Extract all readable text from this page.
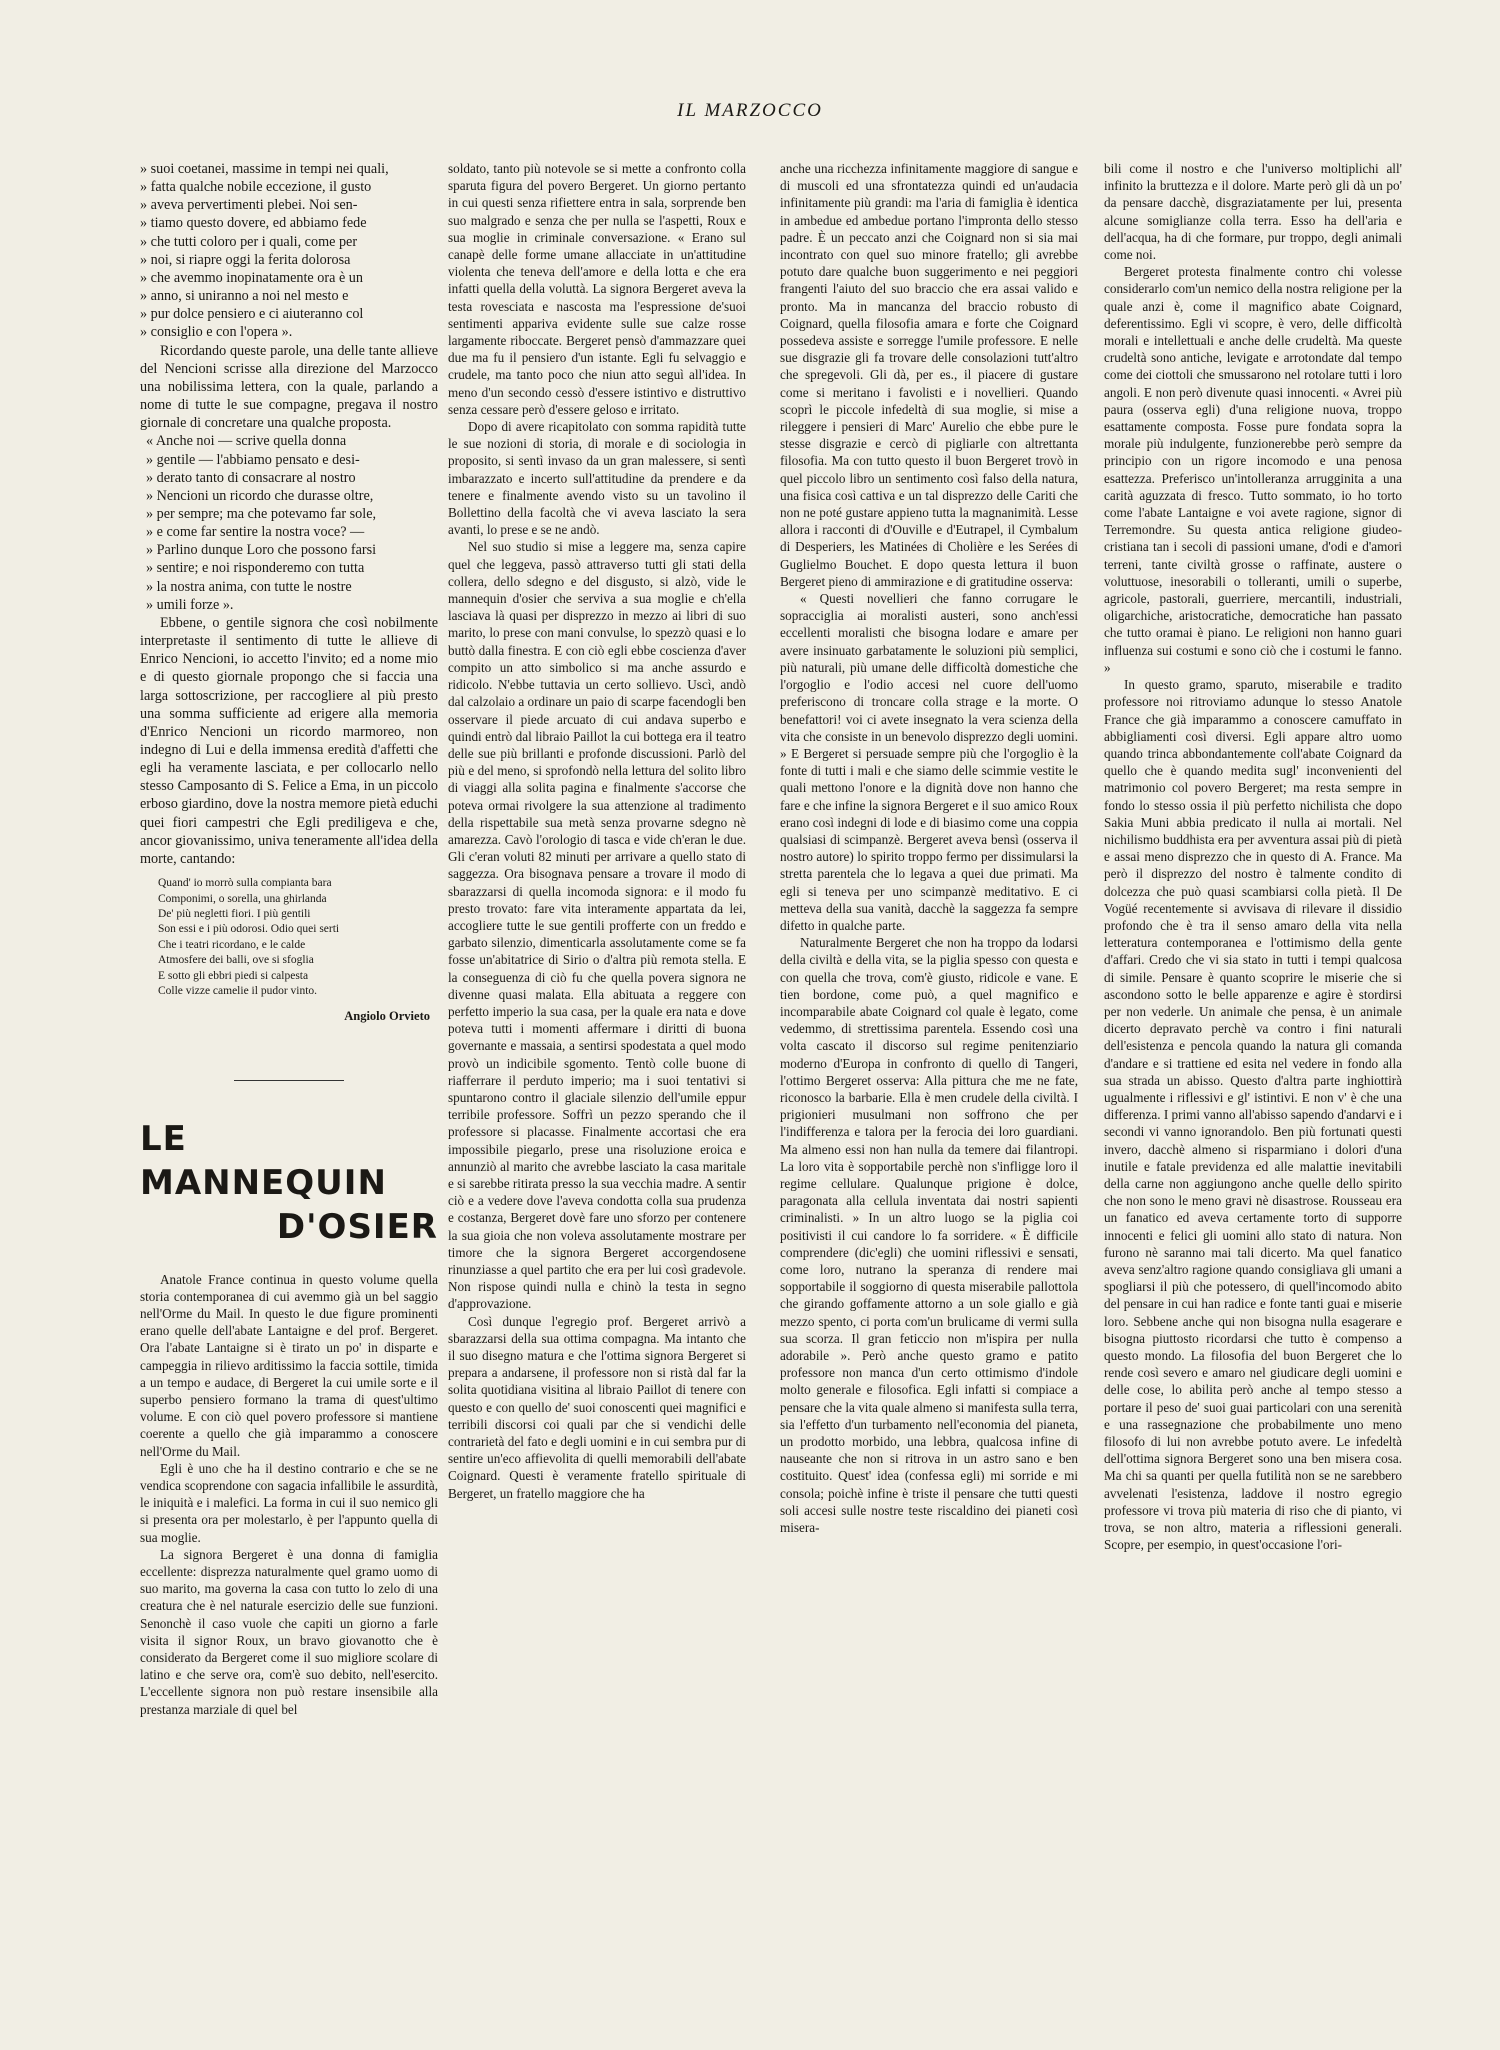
IL MARZOCCO
» suoi coetanei, massime in tempi nei quali,
» fatta qualche nobile eccezione, il gusto
» aveva pervertimenti plebei. Noi sen-
» tiamo questo dovere, ed abbiamo fede
» che tutti coloro per i quali, come per
» noi, si riapre oggi la ferita dolorosa
» che avemmo inopinatamente ora è un
» anno, si uniranno a noi nel mesto e
» pur dolce pensiero e ci aiuteranno col
» consiglio e con l'opera ».

Ricordando queste parole, una delle tante allieve del Nencioni scrisse alla direzione del Marzocco una nobilissima lettera, con la quale, parlando a nome di tutte le sue compagne, pregava il nostro giornale di concretare una qualche proposta.

« Anche noi — scrive quella donna
» gentile — l'abbiamo pensato e desi-
» derato tanto di consacrare al nostro
» Nencioni un ricordo che durasse oltre,
» per sempre; ma che potevamo far sole,
» e come far sentire la nostra voce? —
» Parlino dunque Loro che possono farsi
» sentire; e noi risponderemo con tutta
» la nostra anima, con tutte le nostre
» umili forze ».

Ebbene, o gentile signora che così nobilmente interpretaste il sentimento di tutte le allieve di Enrico Nencioni, io accetto l'invito; ed a nome mio e di questo giornale propongo che si faccia una larga sottoscrizione, per raccogliere al più presto una somma sufficiente ad erigere alla memoria d'Enrico Nencioni un ricordo marmoreo, non indegno di Lui e della immensa eredità d'affetti che egli ha veramente lasciata, e per collocarlo nello stesso Camposanto di S. Felice a Ema, in un piccolo erboso giardino, dove la nostra memore pietà educhi quei fiori campestri che Egli prediligeva e che, ancor giovanissimo, univa teneramente all'idea della morte, cantando:

Quand' io morrò sulla compianta bara
Componimi, o sorella, una ghirlanda
De' più negletti fiori. I più gentili
Son essi e i più odorosi. Odio quei serti
Che i teatri ricordano, e le calde
Atmosfere dei balli, ove si sfoglia
E sotto gli ebbri piedi si calpesta
Colle vizze camelie il pudor vinto.
Angiolo Orvieto
LE MANNEQUIN
D'OSIER

Anatole France continua in questo volume quella storia contemporanea di cui avemmo già un bel saggio nell'Orme du Mail. In questo le due figure prominenti erano quelle dell'abate Lantaigne e del prof. Bergeret. Ora l'abate Lantaigne si è tirato un po' in disparte e campeggia in rilievo arditissimo la faccia sottile, timida a un tempo e audace, di Bergeret la cui umile sorte e il superbo pensiero formano la trama di quest'ultimo volume. E con ciò quel povero professore si mantiene coerente a quello che già imparammo a conoscere nell'Orme du Mail.

Egli è uno che ha il destino contrario e che se ne vendica scoprendone con sagacia infallibile le assurdità, le iniquità e i malefici. La forma in cui il suo nemico gli si presenta ora per molestarlo, è per l'appunto quella di sua moglie.

La signora Bergeret è una donna di famiglia eccellente: disprezza naturalmente quel gramo uomo di suo marito, ma governa la casa con tutto lo zelo di una creatura che è nel naturale esercizio delle sue funzioni. Senonchè il caso vuole che capiti un giorno a farle visita il signor Roux, un bravo giovanotto che è considerato da Bergeret come il suo migliore scolare di latino e che serve ora, com'è suo debito, nell'esercito. L'eccellente signora non può restare insensibile alla prestanza marziale di quel bel

soldato, tanto più notevole se si mette a confronto colla sparuta figura del povero Bergeret. Un giorno pertanto in cui questi senza rifiettere entra in sala, sorprende ben suo malgrado e senza che per nulla se l'aspetti, Roux e sua moglie in criminale conversazione. « Erano sul canapè delle forme umane allacciate in un'attitudine violenta che teneva dell'amore e della lotta e che era infatti quella della voluttà. La signora Bergeret aveva la testa rovesciata e nascosta ma l'espressione de'suoi sentimenti appariva evidente sulle sue calze rosse largamente riboccate. Bergeret pensò d'ammazzare quei due ma fu il pensiero d'un istante. Egli fu selvaggio e crudele, ma tanto poco che niun atto seguì all'idea. In meno d'un secondo cessò d'essere istintivo e distruttivo senza cessare però d'essere geloso e irritato.

Dopo di avere ricapitolato con somma rapidità tutte le sue nozioni di storia, di morale e di sociologia in proposito, si sentì invaso da un gran malessere, si sentì imbarazzato e incerto sull'attitudine da prendere e da tenere e finalmente avendo visto su un tavolino il Bollettino della facoltà che vi aveva lasciato la sera avanti, lo prese e se ne andò.

Nel suo studio si mise a leggere ma, senza capire quel che leggeva, passò attraverso tutti gli stati della collera, dello sdegno e del disgusto, si alzò, vide le mannequin d'osier che serviva a sua moglie e ch'ella lasciava là quasi per disprezzo in mezzo ai libri di suo marito, lo prese con mani convulse, lo spezzò quasi e lo buttò dalla finestra. E con ciò egli ebbe coscienza d'aver compito un atto simbolico si ma anche assurdo e ridicolo. N'ebbe tuttavia un certo sollievo. Uscì, andò dal calzolaio a ordinare un paio di scarpe facendogli ben osservare il piede arcuato di cui andava superbo e quindi entrò dal libraio Paillot la cui bottega era il teatro delle sue più brillanti e profonde discussioni. Parlò del più e del meno, si sprofondò nella lettura del solito libro di viaggi alla solita pagina e finalmente s'accorse che poteva ormai rivolgere la sua attenzione al tradimento della rispettabile sua metà senza provarne sdegno nè amarezza. Cavò l'orologio di tasca e vide ch'eran le due. Gli c'eran voluti 82 minuti per arrivare a quello stato di saggezza. Ora bisognava pensare a trovare il modo di sbarazzarsi di quella incomoda signora: e il modo fu presto trovato: fare vita interamente appartata da lei, accogliere tutte le sue gentili profferte con un freddo e garbato silenzio, dimenticarla assolutamente come se fa fosse un'abitatrice di Sirio o d'altra più remota stella. E la conseguenza di ciò fu che quella povera signora ne divenne quasi malata. Ella abituata a reggere con perfetto imperio la sua casa, per la quale era nata e dove poteva tutti i momenti affermare i diritti di buona governante e massaia, a sentirsi spodestata a quel modo provò un indicibile sgomento. Tentò colle buone di riafferrare il perduto imperio; ma i suoi tentativi si spuntarono contro il glaciale silenzio dell'umile eppur terribile professore. Soffrì un pezzo sperando che il professore si placasse. Finalmente accortasi che era impossibile piegarlo, prese una risoluzione eroica e annunziò al marito che avrebbe lasciato la casa maritale e si sarebbe ritirata presso la sua vecchia madre. A sentir ciò e a vedere dove l'aveva condotta colla sua prudenza e costanza, Bergeret dovè fare uno sforzo per contenere la sua gioia che non voleva assolutamente mostrare per timore che la signora Bergeret accorgendosene rinunziasse a quel partito che era per lui così gradevole. Non rispose quindi nulla e chinò la testa in segno d'approvazione.

Così dunque l'egregio prof. Bergeret arrivò a sbarazzarsi della sua ottima compagna. Ma intanto che il suo disegno matura e che l'ottima signora Bergeret si prepara a andarsene, il professore non si ristà dal far la solita quotidiana visitina al libraio Paillot di tenere con questo e con quello de' suoi conoscenti quei magnifici e terribili discorsi coi quali par che si vendichi delle contrarietà del fato e degli uomini e in cui sembra pur di sentire un'eco affievolita di quelli memorabili dell'abate Coignard. Questi è veramente fratello spirituale di Bergeret, un fratello maggiore che ha

anche una ricchezza infinitamente maggiore di sangue e di muscoli ed una sfrontatezza quindi ed un'audacia infinitamente più grandi: ma l'aria di famiglia è identica in ambedue ed ambedue portano l'impronta dello stesso padre. È un peccato anzi che Coignard non si sia mai incontrato con quel suo minore fratello; gli avrebbe potuto dare qualche buon suggerimento e nei peggiori frangenti l'aiuto del suo braccio che era assai valido e pronto. Ma in mancanza del braccio robusto di Coignard, quella filosofia amara e forte che Coignard possedeva assiste e sorregge l'umile professore. E nelle sue disgrazie gli fa trovare delle consolazioni tutt'altro che spregevoli. Gli dà, per es., il piacere di gustare come si meritano i favolisti e i novellieri. Quando scoprì le piccole infedeltà di sua moglie, si mise a rileggere i pensieri di Marc' Aurelio che ebbe pure le stesse disgrazie e cercò di pigliarle con altrettanta filosofia. Ma con tutto questo il buon Bergeret trovò in quel piccolo libro un sentimento così falso della natura, una fisica così cattiva e un tal disprezzo delle Cariti che non ne poté gustare appieno tutta la magnanimità. Lesse allora i racconti di d'Ouville e d'Eutrapel, il Cymbalum di Desperiers, les Matinées di Cholière e les Serées di Guglielmo Bouchet. E dopo questa lettura il buon Bergeret pieno di ammirazione e di gratitudine osserva:

« Questi novellieri che fanno corrugare le sopracciglia ai moralisti austeri, sono anch'essi eccellenti moralisti che bisogna lodare e amare per avere insinuato garbatamente le soluzioni più semplici, più naturali, più umane delle difficoltà domestiche che l'orgoglio e l'odio accesi nel cuore dell'uomo preferiscono di troncare colla strage e la morte. O benefattori! voi ci avete insegnato la vera scienza della vita che consiste in un benevolo disprezzo degli uomini. » E Bergeret si persuade sempre più che l'orgoglio è la fonte di tutti i mali e che siamo delle scimmie vestite le quali mettono l'onore e la dignità dove non hanno che fare e che infine la signora Bergeret e il suo amico Roux erano così indegni di lode e di biasimo come una coppia qualsiasi di scimpanzè. Bergeret aveva bensì (osserva il nostro autore) lo spirito troppo fermo per dissimularsi la stretta parentela che lo legava a quei due primati. Ma egli si teneva per uno scimpanzè meditativo. E ci metteva della sua vanità, dacchè la saggezza fa sempre difetto in qualche parte.

Naturalmente Bergeret che non ha troppo da lodarsi della civiltà e della vita, se la piglia spesso con questa e con quella che trova, com'è giusto, ridicole e vane. E tien bordone, come può, a quel magnifico e incomparabile abate Coignard col quale è legato, come vedemmo, di strettissima parentela. Essendo così una volta cascato il discorso sul regime penitenziario moderno d'Europa in confronto di quello di Tangeri, l'ottimo Bergeret osserva: Alla pittura che me ne fate, riconosco la barbarie. Ella è men crudele della civiltà. I prigionieri musulmani non soffrono che per l'indifferenza e talora per la ferocia dei loro guardiani. Ma almeno essi non han nulla da temere dai filantropi. La loro vita è sopportabile perchè non s'infligge loro il regime cellulare. Qualunque prigione è dolce, paragonata alla cellula inventata dai nostri sapienti criminalisti. » In un altro luogo se la piglia coi positivisti il cui candore lo fa sorridere. « È difficile comprendere (dic'egli) che uomini riflessivi e sensati, come loro, nutrano la speranza di rendere mai sopportabile il soggiorno di questa miserabile pallottola che girando goffamente attorno a un sole giallo e già mezzo spento, ci porta com'un brulicame di vermi sulla sua scorza. Il gran feticcio non m'ispira per nulla adorabile ». Però anche questo gramo e patito professore non manca d'un certo ottimismo d'indole molto generale e filosofica. Egli infatti si compiace a pensare che la vita quale almeno si manifesta sulla terra, sia l'effetto d'un turbamento nell'economia del pianeta, un prodotto morbido, una lebbra, qualcosa infine di nauseante che non si ritrova in un astro sano e ben costituito. Quest' idea (confessa egli) mi sorride e mi consola; poichè infine è triste il pensare che tutti questi soli accesi sulle nostre teste riscaldino dei pianeti così misera-

bili come il nostro e che l'universo moltiplichi all' infinito la bruttezza e il dolore. Marte però gli dà un po' da pensare dacchè, disgraziatamente per lui, presenta alcune somiglianze colla terra. Esso ha dell'aria e dell'acqua, ha di che formare, pur troppo, degli animali come noi.

Bergeret protesta finalmente contro chi volesse considerarlo com'un nemico della nostra religione per la quale anzi è, come il magnifico abate Coignard, deferentissimo. Egli vi scopre, è vero, delle difficoltà morali e intellettuali e anche delle crudeltà. Ma queste crudeltà sono antiche, levigate e arrotondate dal tempo come dei ciottoli che smussarono nel rotolare tutti i loro angoli. E non però divenute quasi innocenti. « Avrei più paura (osserva egli) d'una religione nuova, troppo esattamente composta. Fosse pure fondata sopra la morale più indulgente, funzionerebbe però sempre da principio con un rigore incomodo e una penosa esattezza. Preferisco un'intolleranza arrugginita a una carità aguzzata di fresco. Tutto sommato, io ho torto come l'abate Lantaigne e voi avete ragione, signor di Terremondre. Su questa antica religione giudeo-cristiana tan i secoli di passioni umane, d'odi e d'amori terreni, tante civiltà grosse o raffinate, austere o voluttuose, inesorabili o tolleranti, umili o superbe, agricole, pastorali, guerriere, mercantili, industriali, oligarchiche, aristocratiche, democratiche han passato che tutto oramai è piano. Le religioni non hanno guari influenza sui costumi e sono ciò che i costumi le fanno. »

In questo gramo, sparuto, miserabile e tradito professore noi ritroviamo adunque lo stesso Anatole France che già imparammo a conoscere camuffato in abbigliamenti così diversi. Egli appare altro uomo quando trinca abbondantemente coll'abate Coignard da quello che è quando medita sugl' inconvenienti del matrimonio col povero Bergeret; ma resta sempre in fondo lo stesso ossia il più perfetto nichilista che dopo Sakia Muni abbia predicato il nulla ai mortali. Nel nichilismo buddhista era per avventura assai più di pietà e assai meno disprezzo che in questo di A. France. Ma però il disprezzo del nostro è talmente condito di dolcezza che può quasi scambiarsi colla pietà. Il De Vogüé recentemente si avvisava di rilevare il dissidio profondo che è tra il senso amaro della vita nella letteratura contemporanea e l'ottimismo della gente d'affari. Credo che vi sia stato in tutti i tempi qualcosa di simile. Pensare è quanto scoprire le miserie che si ascondono sotto le belle apparenze e agire è stordirsi per non vederle. Un animale che pensa, è un animale dicerto depravato perchè va contro i fini naturali dell'esistenza e pencola quando la natura gli comanda d'andare e si trattiene ed esita nel vedere in fondo alla sua strada un abisso. Questo d'altra parte inghiottirà ugualmente i riflessivi e gl' istintivi. E non v' è che una differenza. I primi vanno all'abisso sapendo d'andarvi e i secondi vi vanno ignorandolo. Ben più fortunati questi invero, dacchè almeno si risparmiano i dolori d'una inutile e fatale previdenza ed alle malattie inevitabili della carne non aggiungono anche quelle dello spirito che non sono le meno gravi nè disastrose. Rousseau era un fanatico ed aveva certamente torto di supporre innocenti e felici gli uomini allo stato di natura. Non furono nè saranno mai tali dicerto. Ma quel fanatico aveva senz'altro ragione quando consigliava gli umani a spogliarsi il più che potessero, di quell'incomodo abito del pensare in cui han radice e fonte tanti guai e miserie loro. Sebbene anche qui non bisogna nulla esagerare e bisogna piuttosto ricordarsi che tutto è compenso a questo mondo. La filosofia del buon Bergeret che lo rende così severo e amaro nel giudicare degli uomini e delle cose, lo abilita però anche al tempo stesso a portare il peso de' suoi guai particolari con una serenità e una rassegnazione che probabilmente uno meno filosofo di lui non avrebbe potuto avere. Le infedeltà dell'ottima signora Bergeret sono una ben misera cosa. Ma chi sa quanti per quella futilità non se ne sarebbero avvelenati l'esistenza, laddove il nostro egregio professore vi trova più materia di riso che di pianto, vi trova, se non altro, materia a riflessioni generali. Scopre, per esempio, in quest'occasione l'ori-
